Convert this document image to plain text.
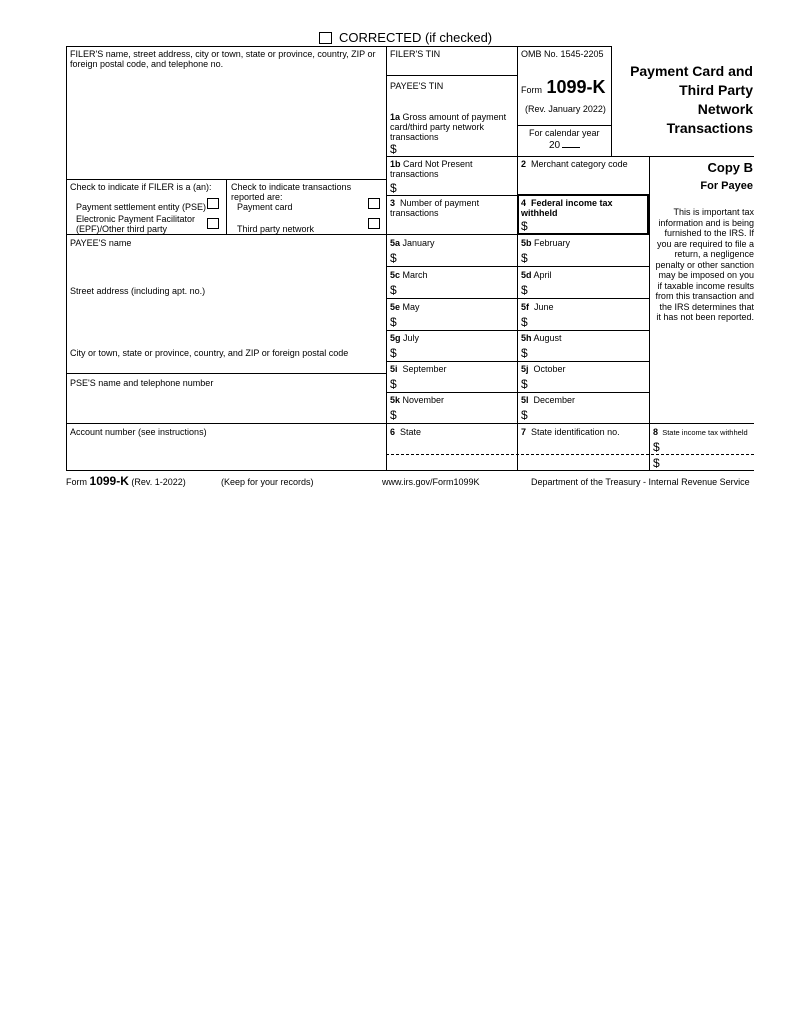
CORRECTED (if checked)
FILER'S name, street address, city or town, state or province, country, ZIP or foreign postal code, and telephone no.
Check to indicate if FILER is a (an):
Payment settlement entity (PSE)
Electronic Payment Facilitator (EPF)/Other third party
Check to indicate transactions reported are:
Payment card
Third party network
PAYEE'S name
Street address (including apt. no.)
City or town, state or province, country, and ZIP or foreign postal code
PSE'S name and telephone number
Account number (see instructions)
FILER'S TIN
PAYEE'S TIN
1a Gross amount of payment card/third party network transactions
$
OMB No. 1545-2205
Form 1099-K
(Rev. January 2022)
For calendar year
20
Payment Card and
Third Party
Network
Transactions
Copy B
For Payee
This is important tax information and is being furnished to the IRS. If you are required to file a return, a negligence penalty or other sanction may be imposed on you if taxable income results from this transaction and the IRS determines that it has not been reported.
1b Card Not Present transactions
$
2 Merchant category code
3 Number of payment transactions
4 Federal income tax withheld
$
5a January
$
5b February
$
5c March
$
5d April
$
5e May
$
5f June
$
5g July
$
5h August
$
5i September
$
5j October
$
5k November
$
5l December
$
6 State	7 State identification no.	8 State income tax withheld
$
$
Form 1099-K (Rev. 1-2022)	(Keep for your records)	www.irs.gov/Form1099K	Department of the Treasury - Internal Revenue Service
